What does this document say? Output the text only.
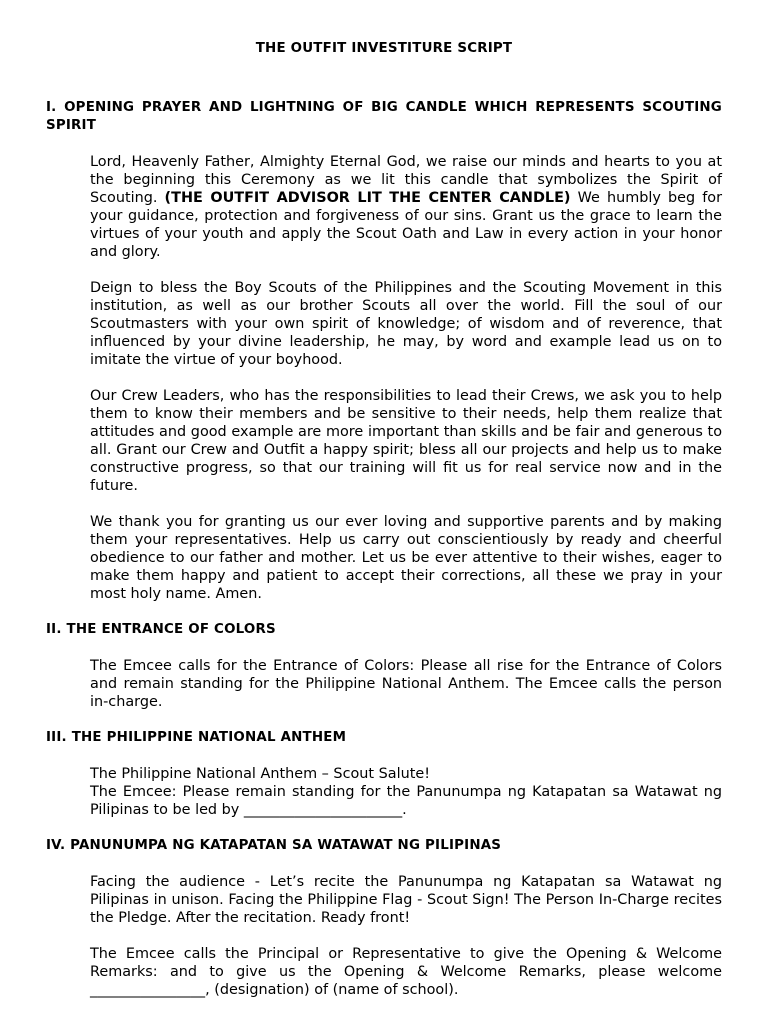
THE OUTFIT INVESTITURE SCRIPT
I. OPENING PRAYER AND LIGHTNING OF BIG CANDLE WHICH REPRESENTS SCOUTING SPIRIT

Lord, Heavenly Father, Almighty Eternal God, we raise our minds and hearts to you at the beginning this Ceremony as we lit this candle that symbolizes the Spirit of Scouting. (THE OUTFIT ADVISOR LIT THE CENTER CANDLE) We humbly beg for your guidance, protection and forgiveness of our sins. Grant us the grace to learn the virtues of your youth and apply the Scout Oath and Law in every action in your honor and glory.

Deign to bless the Boy Scouts of the Philippines and the Scouting Movement in this institution, as well as our brother Scouts all over the world. Fill the soul of our Scoutmasters with your own spirit of knowledge; of wisdom and of reverence, that influenced by your divine leadership, he may, by word and example lead us on to imitate the virtue of your boyhood.

Our Crew Leaders, who has the responsibilities to lead their Crews, we ask you to help them to know their members and be sensitive to their needs, help them realize that attitudes and good example are more important than skills and be fair and generous to all. Grant our Crew and Outfit a happy spirit; bless all our projects and help us to make constructive progress, so that our training will fit us for real service now and in the future.

We thank you for granting us our ever loving and supportive parents and by making them your representatives. Help us carry out conscientiously by ready and cheerful obedience to our father and mother. Let us be ever attentive to their wishes, eager to make them happy and patient to accept their corrections, all these we pray in your most holy name. Amen.

II. THE ENTRANCE OF COLORS

The Emcee calls for the Entrance of Colors: Please all rise for the Entrance of Colors and remain standing for the Philippine National Anthem. The Emcee calls the person in-charge.

III. THE PHILIPPINE NATIONAL ANTHEM

The Philippine National Anthem – Scout Salute!
The Emcee: Please remain standing for the Panunumpa ng Katapatan sa Watawat ng Pilipinas to be led by ______________________.

IV. PANUNUMPA NG KATAPATAN SA WATAWAT NG PILIPINAS

Facing the audience - Let’s recite the Panunumpa ng Katapatan sa Watawat ng Pilipinas in unison. Facing the Philippine Flag - Scout Sign! The Person In-Charge recites the Pledge. After the recitation. Ready front!

The Emcee calls the Principal or Representative to give the Opening & Welcome Remarks: and to give us the Opening & Welcome Remarks, please welcome ________________, (designation) of (name of school).
